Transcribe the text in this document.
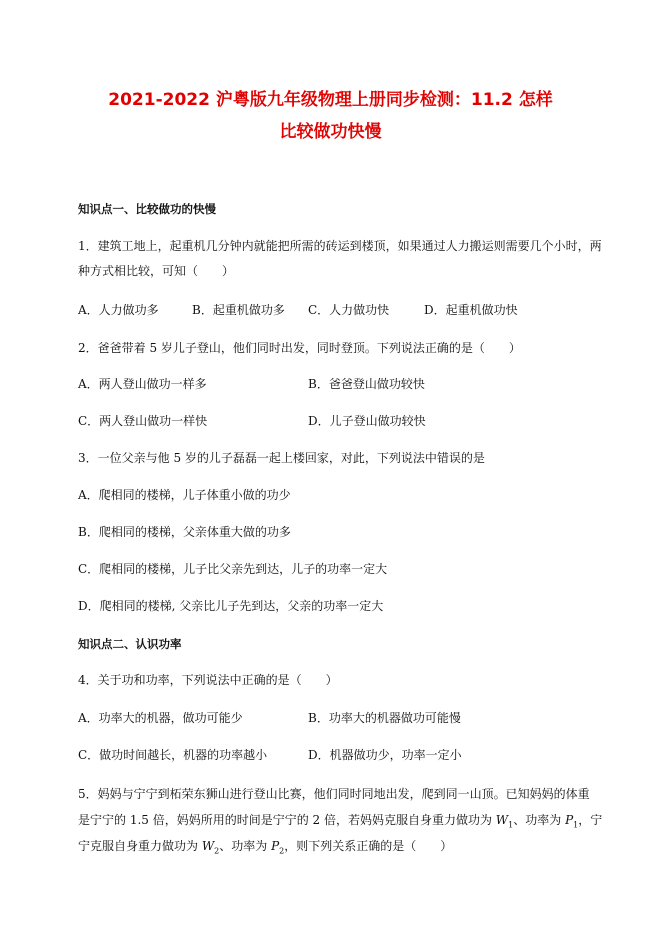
2021-2022 沪粤版九年级物理上册同步检测：11.2 怎样
比较做功快慢
知识点一、比较做功的快慢
1．建筑工地上，起重机几分钟内就能把所需的砖运到楼顶，如果通过人力搬运则需要几个小时，两
种方式相比较，可知（　　）
A．人力做功多	B．起重机做功多 C．人力做功快	D．起重机做功快
2．爸爸带着 5 岁儿子登山，他们同时出发，同时登顶。下列说法正确的是（　　）
A．两人登山做功一样多	B．爸爸登山做功较快
C．两人登山做功一样快	D．儿子登山做功较快
3．一位父亲与他 5 岁的儿子磊磊一起上楼回家，对此，下列说法中错误的是
A．爬相同的楼梯，儿子体重小做的功少
B．爬相同的楼梯，父亲体重大做的功多
C．爬相同的楼梯，儿子比父亲先到达，儿子的功率一定大
D．爬相同的楼梯, 父亲比儿子先到达，父亲的功率一定大
知识点二、认识功率
4．关于功和功率，下列说法中正确的是（　　）
A．功率大的机器，做功可能少	B．功率大的机器做功可能慢
C．做功时间越长，机器的功率越小	D．机器做功少，功率一定小
5．妈妈与宁宁到柘荣东狮山进行登山比赛，他们同时同地出发，爬到同一山顶。已知妈妈的体重
是宁宁的 1.5 倍，妈妈所用的时间是宁宁的 2 倍，若妈妈克服自身重力做功为 $W_1$、功率为 $P_1$，宁
宁克服自身重力做功为 $W_2$、功率为 $P_2$，则下列关系正确的是（　　）
